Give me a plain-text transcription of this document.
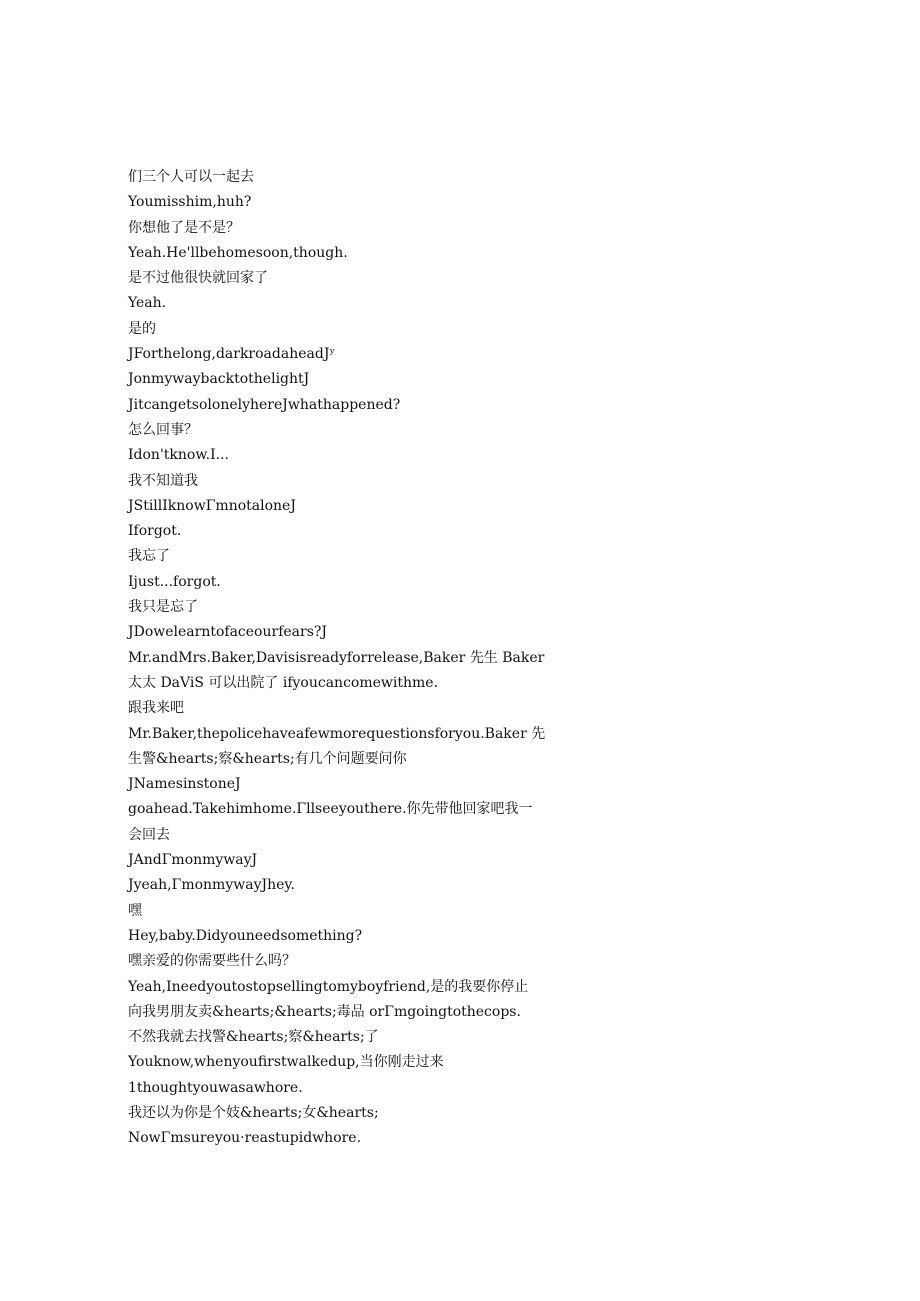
们三个人可以一起去
Youmisshim,huh?
你想他了是不是？
Yeah.He'llbehomesoon,though.
是不过他很快就回家了
Yeah.
是的
JForthelong,darkroadaheadJʸ
JonmywaybacktothelightJ
JitcangetsolonelyhereJwhathappened?
怎么回事？
Idon'tknow.I...
我不知道我
JStillIknowΓmnotaloneJ
Iforgot.
我忘了
Ijust...forgot.
我只是忘了
JDowelearntofaceourfears?J
Mr.andMrs.Baker,Davisisreadyforrelease,Baker 先生 Baker
太太 DaViS 可以出院了 ifyoucancomewithme.
跟我来吧
Mr.Baker,thepolicehaveafewmorequestionsforyou.Baker 先
生警&hearts;察&hearts;有几个问题要问你
JNamesinstoneJ
goahead.Takehimhome.Γllseeyouthere.你先带他回家吧我一
会回去
JAndΓmonmywayJ
Jyeah,ΓmonmywayJhey.
嘿
Hey,baby.Didyouneedsomething?
嘿亲爱的你需要些什么吗？
Yeah,Ineedyoutostopsellingtomyboyfriend,是的我要你停止
向我男朋友卖&hearts;&hearts;毒品 orΓmgoingtothecops.
不然我就去找警&hearts;察&hearts;了
Youknow,whenyoufirstwalkedup,当你刚走过来
1thoughtyouwasawhore.
我还以为你是个妓&hearts;女&hearts;
NowΓmsureyou·reastupidwhore.
